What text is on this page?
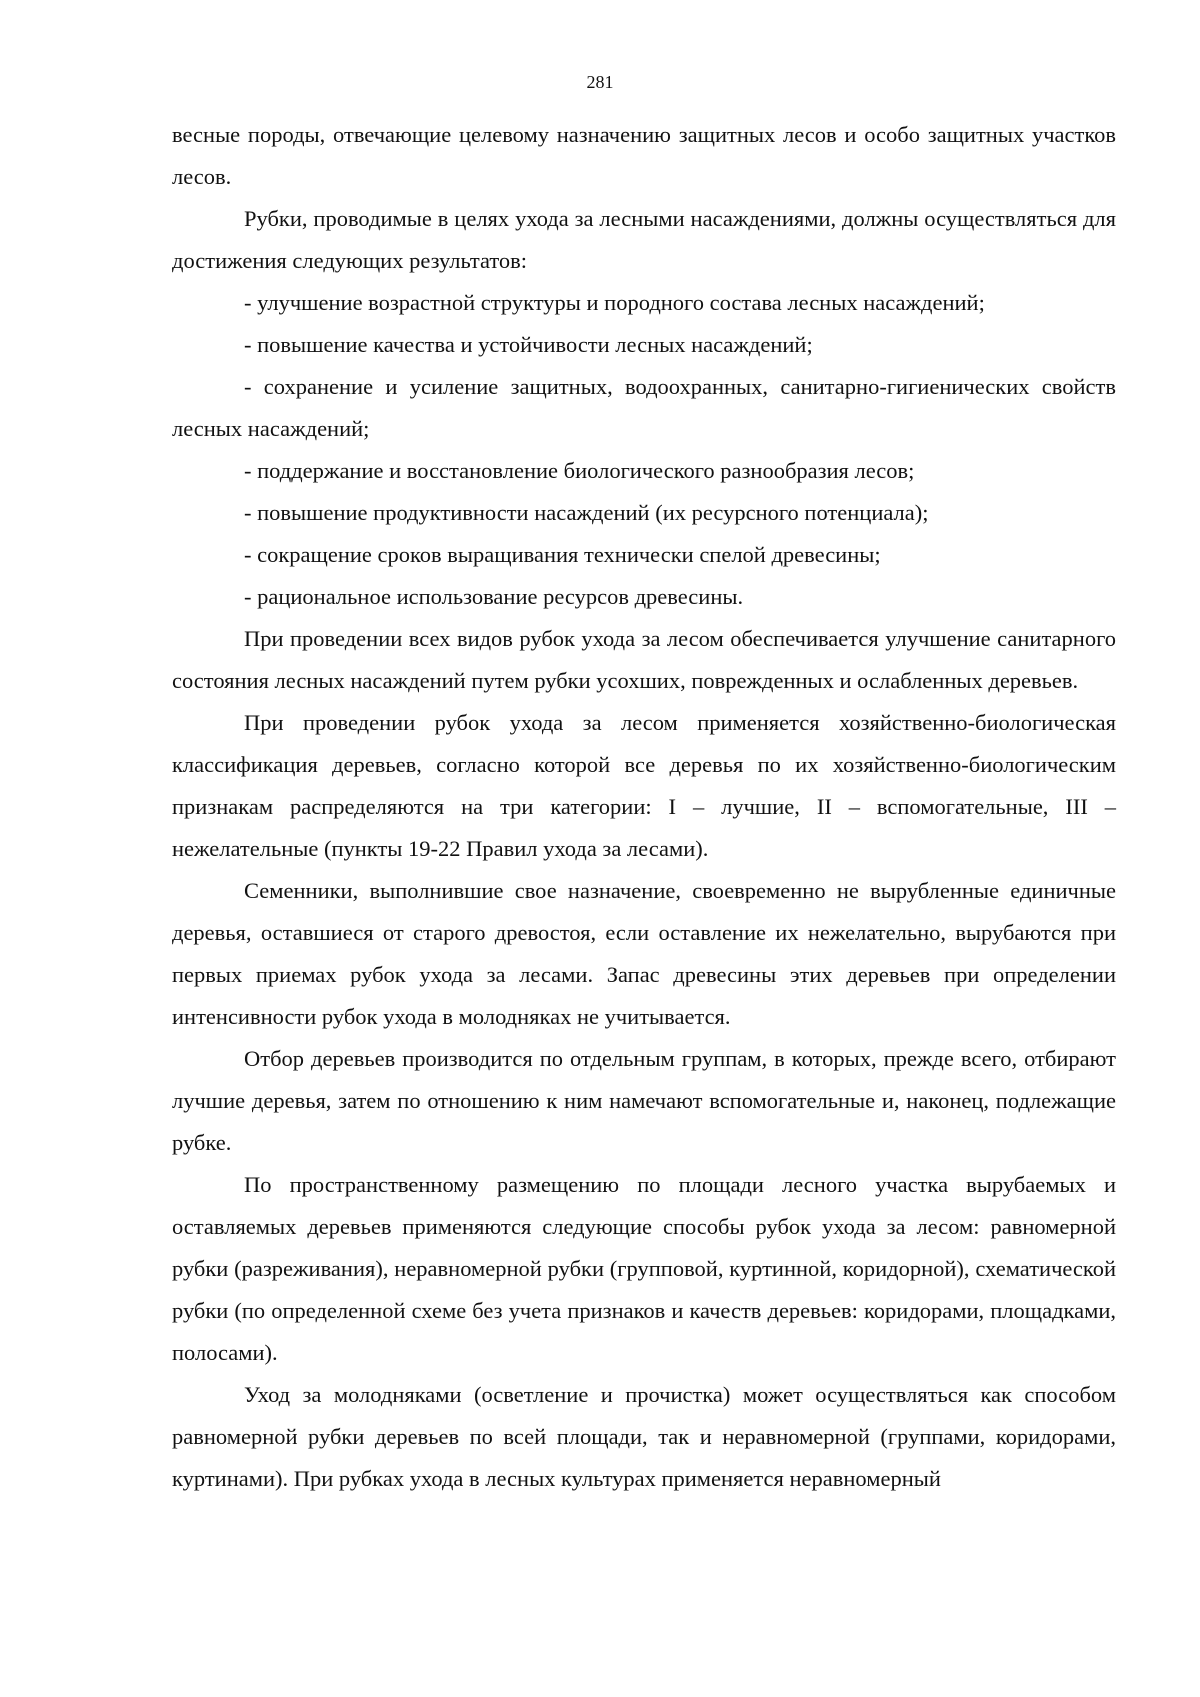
281

весные породы, отвечающие целевому назначению защитных лесов и особо защитных участков лесов.

Рубки, проводимые в целях ухода за лесными насаждениями, должны осуществляться для достижения следующих результатов:

- улучшение возрастной структуры и породного состава лесных насаждений;

- повышение качества и устойчивости лесных насаждений;

- сохранение и усиление защитных, водоохранных, санитарно-гигиенических свойств лесных насаждений;

- поддержание и восстановление биологического разнообразия лесов;

- повышение продуктивности насаждений (их ресурсного потенциала);

- сокращение сроков выращивания технически спелой древесины;

- рациональное использование ресурсов древесины.

При проведении всех видов рубок ухода за лесом обеспечивается улучшение санитарного состояния лесных насаждений путем рубки усохших, поврежденных и ослабленных деревьев.

При проведении рубок ухода за лесом применяется хозяйственно-биологическая классификация деревьев, согласно которой все деревья по их хозяйственно-биологическим признакам распределяются на три категории: I – лучшие, II – вспомогательные, III – нежелательные (пункты 19-22 Правил ухода за лесами).

Семенники, выполнившие свое назначение, своевременно не вырубленные единичные деревья, оставшиеся от старого древостоя, если оставление их нежелательно, вырубаются при первых приемах рубок ухода за лесами. Запас древесины этих деревьев при определении интенсивности рубок ухода в молодняках не учитывается.

Отбор деревьев производится по отдельным группам, в которых, прежде всего, отбирают лучшие деревья, затем по отношению к ним намечают вспомогательные и, наконец, подлежащие рубке.

По пространственному размещению по площади лесного участка вырубаемых и оставляемых деревьев применяются следующие способы рубок ухода за лесом: равномерной рубки (разреживания), неравномерной рубки (групповой, куртинной, коридорной), схематической рубки (по определенной схеме без учета признаков и качеств деревьев: коридорами, площадками, полосами).

Уход за молодняками (осветление и прочистка) может осуществляться как способом равномерной рубки деревьев по всей площади, так и неравномерной (группами, коридорами, куртинами). При рубках ухода в лесных культурах применяется неравномерный
